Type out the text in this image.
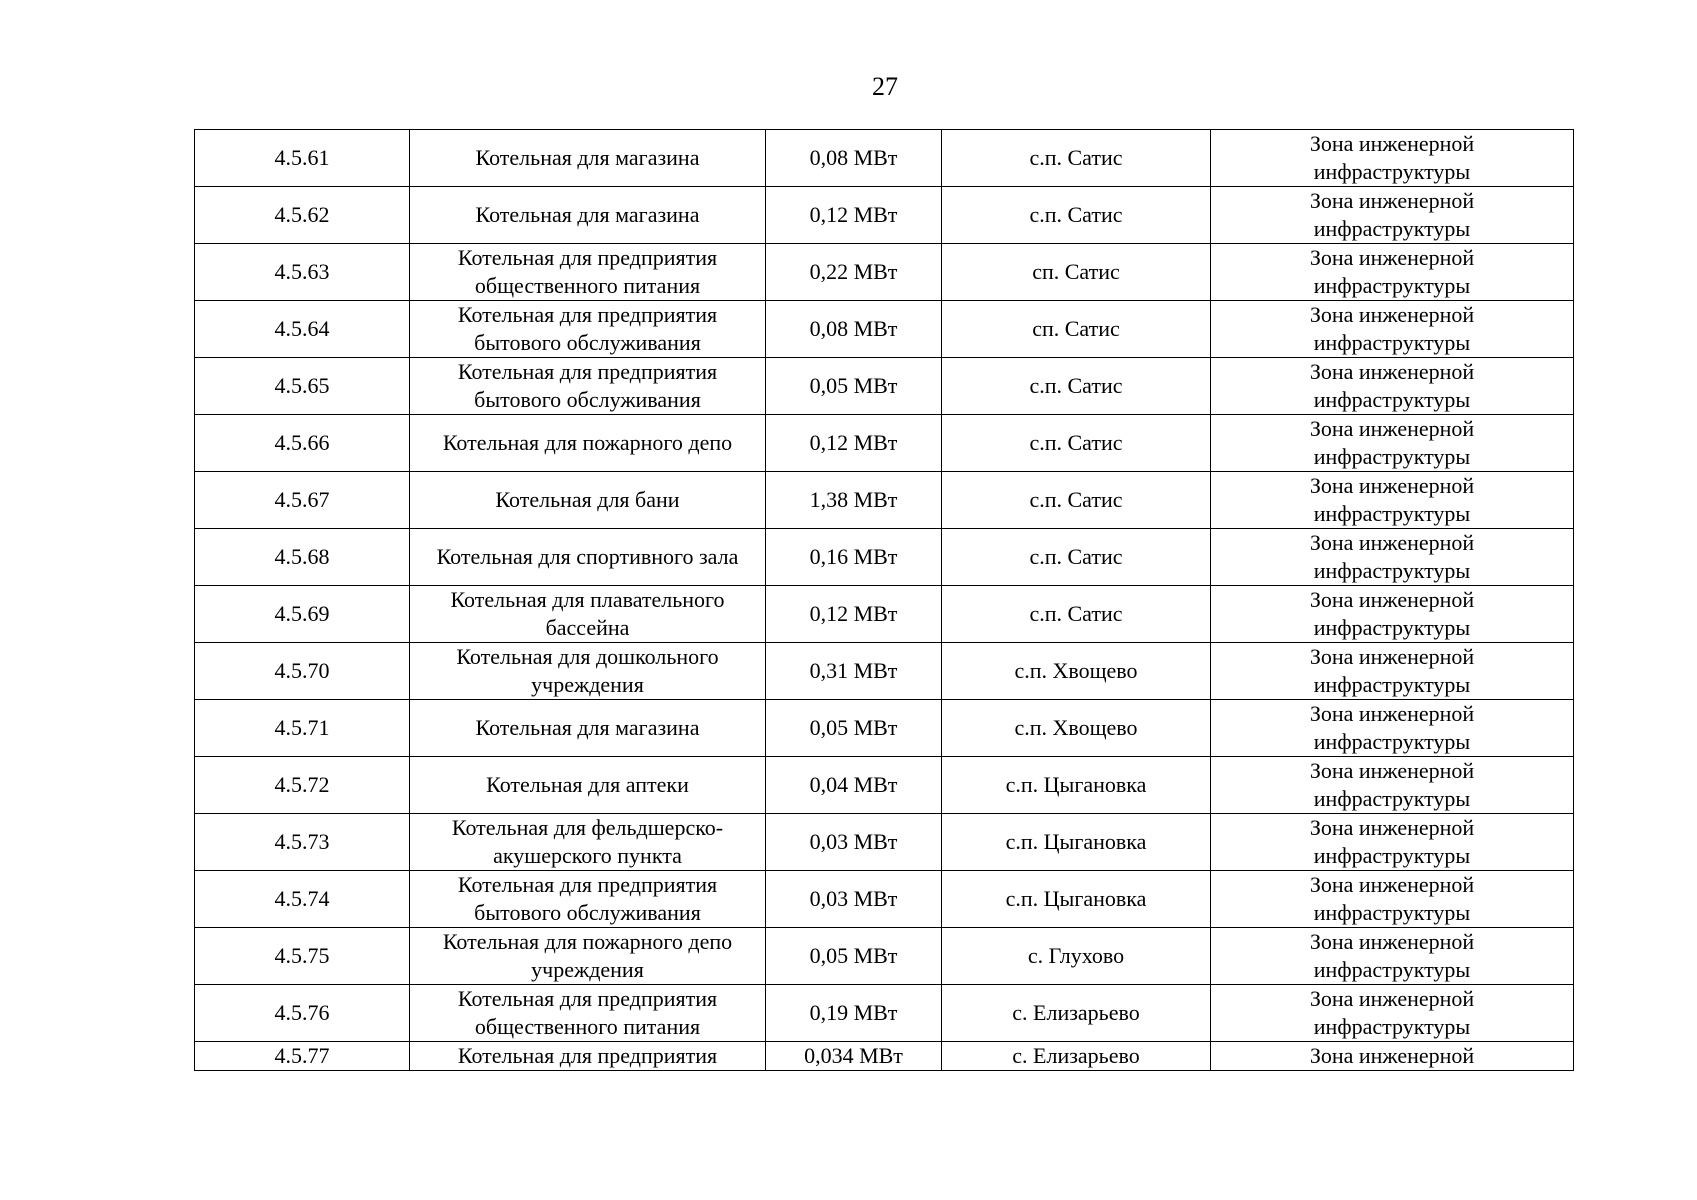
27
4.5.61	Котельная для магазина	0,08 МВт	с.п. Сатис	Зона инженерной
инфраструктуры
4.5.62	Котельная для магазина	0,12 МВт	с.п. Сатис	Зона инженерной
инфраструктуры
4.5.63	Котельная для предприятия
общественного питания	0,22 МВт	сп. Сатис	Зона инженерной
инфраструктуры
4.5.64	Котельная для предприятия
бытового обслуживания	0,08 МВт	сп. Сатис	Зона инженерной
инфраструктуры
4.5.65	Котельная для предприятия
бытового обслуживания	0,05 МВт	с.п. Сатис	Зона инженерной
инфраструктуры
4.5.66	Котельная для пожарного депо	0,12 МВт	с.п. Сатис	Зона инженерной
инфраструктуры
4.5.67	Котельная для бани	1,38 МВт	с.п. Сатис	Зона инженерной
инфраструктуры
4.5.68	Котельная для спортивного зала	0,16 МВт	с.п. Сатис	Зона инженерной
инфраструктуры
4.5.69	Котельная для плавательного
бассейна	0,12 МВт	с.п. Сатис	Зона инженерной
инфраструктуры
4.5.70	Котельная для дошкольного
учреждения	0,31 МВт	с.п. Хвощево	Зона инженерной
инфраструктуры
4.5.71	Котельная для магазина	0,05 МВт	с.п. Хвощево	Зона инженерной
инфраструктуры
4.5.72	Котельная для аптеки	0,04 МВт	с.п. Цыгановка	Зона инженерной
инфраструктуры
4.5.73	Котельная для фельдшерско-
акушерского пункта	0,03 МВт	с.п. Цыгановка	Зона инженерной
инфраструктуры
4.5.74	Котельная для предприятия
бытового обслуживания	0,03 МВт	с.п. Цыгановка	Зона инженерной
инфраструктуры
4.5.75	Котельная для пожарного депо
учреждения	0,05 МВт	с. Глухово	Зона инженерной
инфраструктуры
4.5.76	Котельная для предприятия
общественного питания	0,19 МВт	с. Елизарьево	Зона инженерной
инфраструктуры
4.5.77	Котельная для предприятия	0,034 МВт	с. Елизарьево	Зона инженерной
